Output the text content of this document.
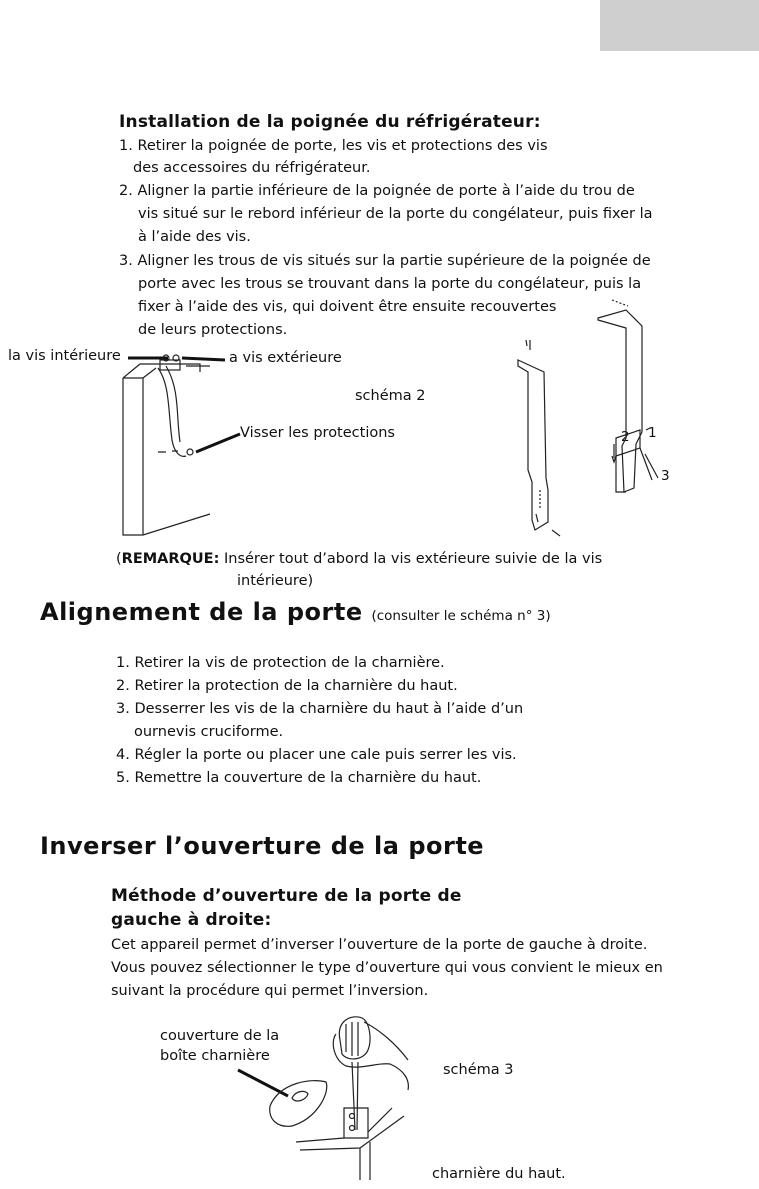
Installation de la poignée du réfrigérateur:
1. Retirer la poignée de porte, les vis et protections des vis
des accessoires du réfrigérateur.
2. Aligner la partie inférieure de la poignée de porte à l’aide du trou de
vis situé sur le rebord inférieur de la porte du congélateur, puis fixer la
à l’aide des vis.
3. Aligner les trous de vis situés sur la partie supérieure de la poignée de
porte avec les trous se trouvant dans la porte du congélateur, puis la
fixer à l’aide des vis, qui doivent être ensuite recouvertes
de leurs protections.
la vis intérieure	a vis extérieure
schéma 2
Visser les protections	1
2
3
(REMARQUE: Insérer tout d’abord la vis extérieure suivie de la vis
intérieure)
Alignement de la porte (consulter le schéma n° 3)
1. Retirer la vis de protection de la charnière.
2. Retirer la protection de la charnière du haut.
3. Desserrer les vis de la charnière du haut à l’aide d’un
ournevis cruciforme.
4. Régler la porte ou placer une cale puis serrer les vis.
5. Remettre la couverture de la charnière du haut.
Inverser l’ouverture de la porte
Méthode d’ouverture de la porte de
gauche à droite:
Cet appareil permet d’inverser l’ouverture de la porte de gauche à droite.
Vous pouvez sélectionner le type d’ouverture qui vous convient le mieux en
suivant la procédure qui permet l’inversion.
couverture de la
boîte charnière
schéma 3
charnière du haut.
